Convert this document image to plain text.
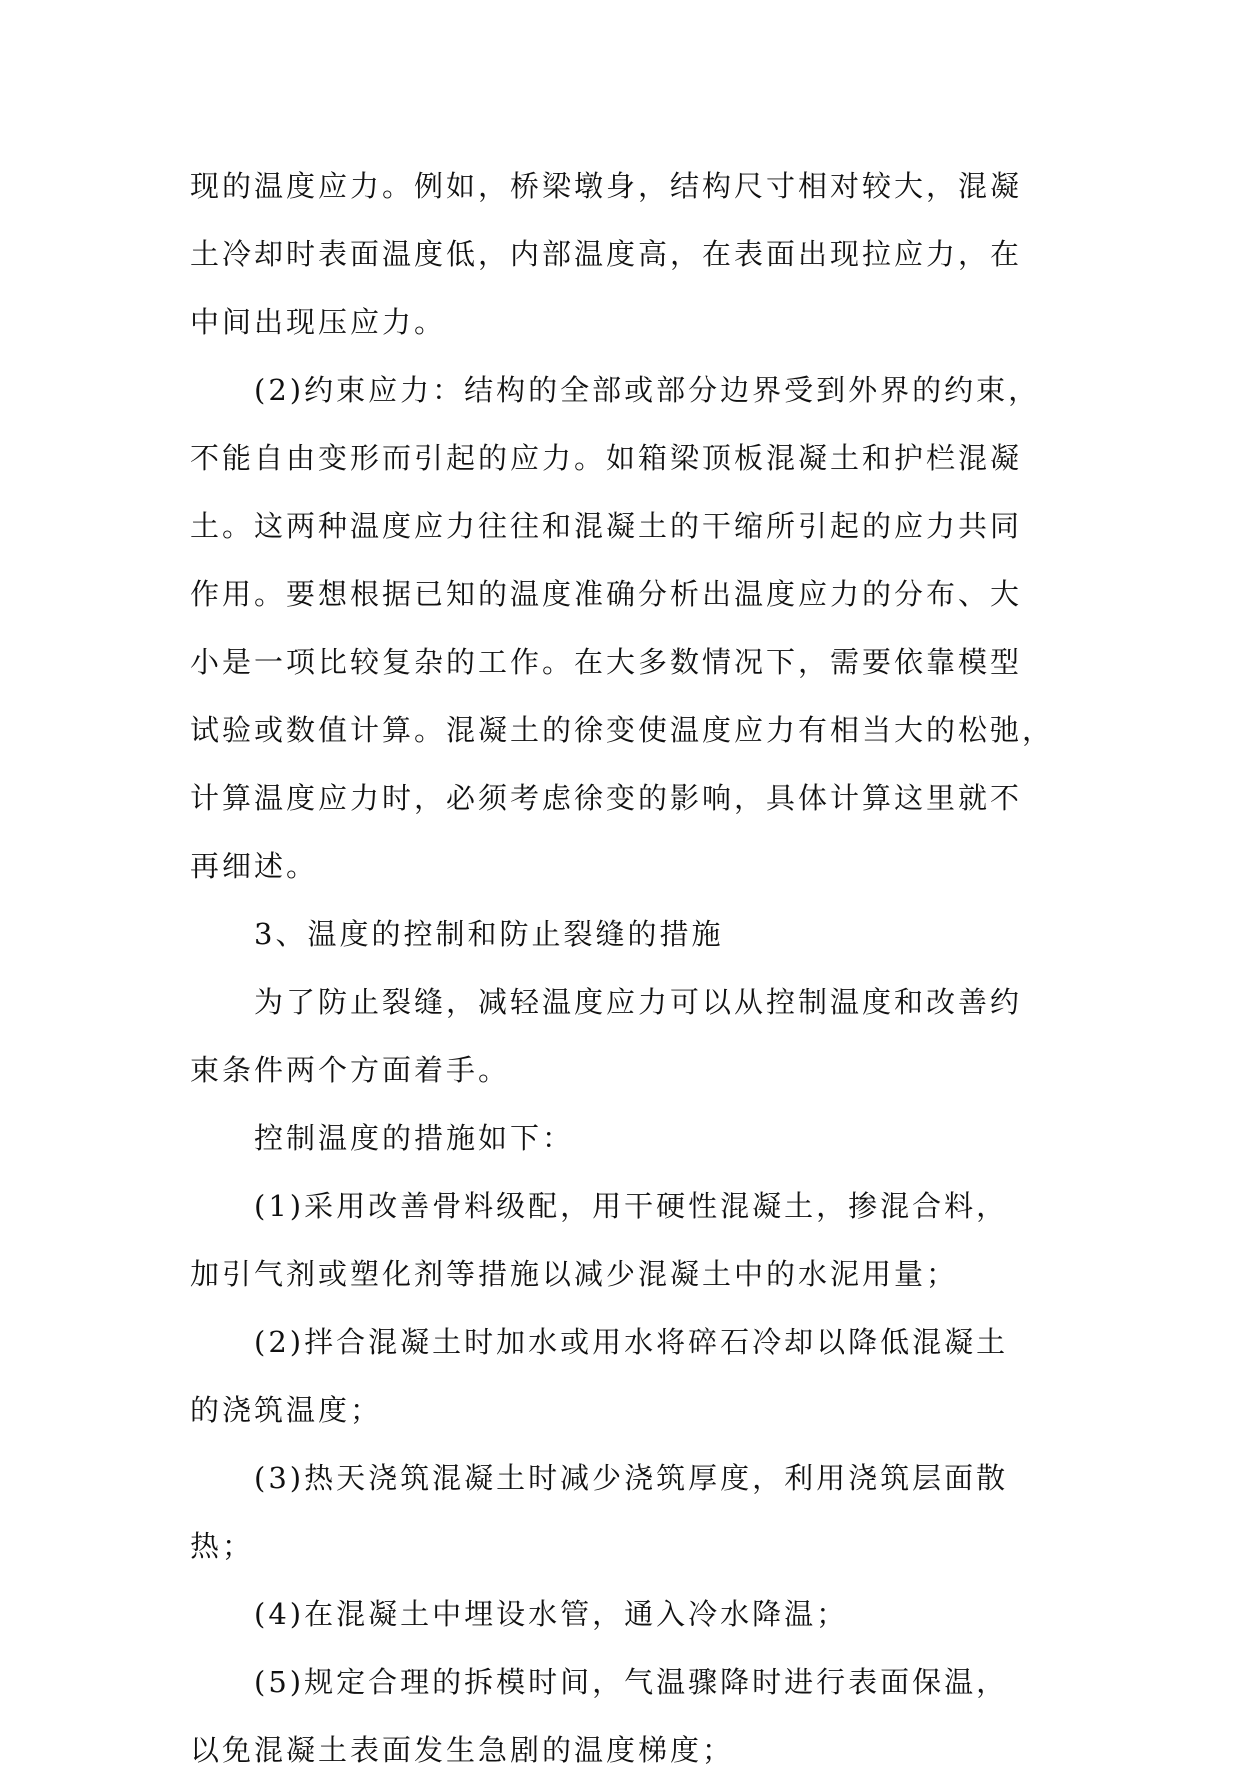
现的温度应力。例如，桥梁墩身，结构尺寸相对较大，混凝
土冷却时表面温度低，内部温度高，在表面出现拉应力，在
中间出现压应力。
(2)约束应力：结构的全部或部分边界受到外界的约束，
不能自由变形而引起的应力。如箱梁顶板混凝土和护栏混凝
土。这两种温度应力往往和混凝土的干缩所引起的应力共同
作用。要想根据已知的温度准确分析出温度应力的分布、大
小是一项比较复杂的工作。在大多数情况下，需要依靠模型
试验或数值计算。混凝土的徐变使温度应力有相当大的松弛，
计算温度应力时，必须考虑徐变的影响，具体计算这里就不
再细述。
3、温度的控制和防止裂缝的措施
为了防止裂缝，减轻温度应力可以从控制温度和改善约
束条件两个方面着手。
控制温度的措施如下：
(1)采用改善骨料级配，用干硬性混凝土，掺混合料，
加引气剂或塑化剂等措施以减少混凝土中的水泥用量；
(2)拌合混凝土时加水或用水将碎石冷却以降低混凝土
的浇筑温度；
(3)热天浇筑混凝土时减少浇筑厚度，利用浇筑层面散
热；
(4)在混凝土中埋设水管，通入冷水降温；
(5)规定合理的拆模时间，气温骤降时进行表面保温，
以免混凝土表面发生急剧的温度梯度；
